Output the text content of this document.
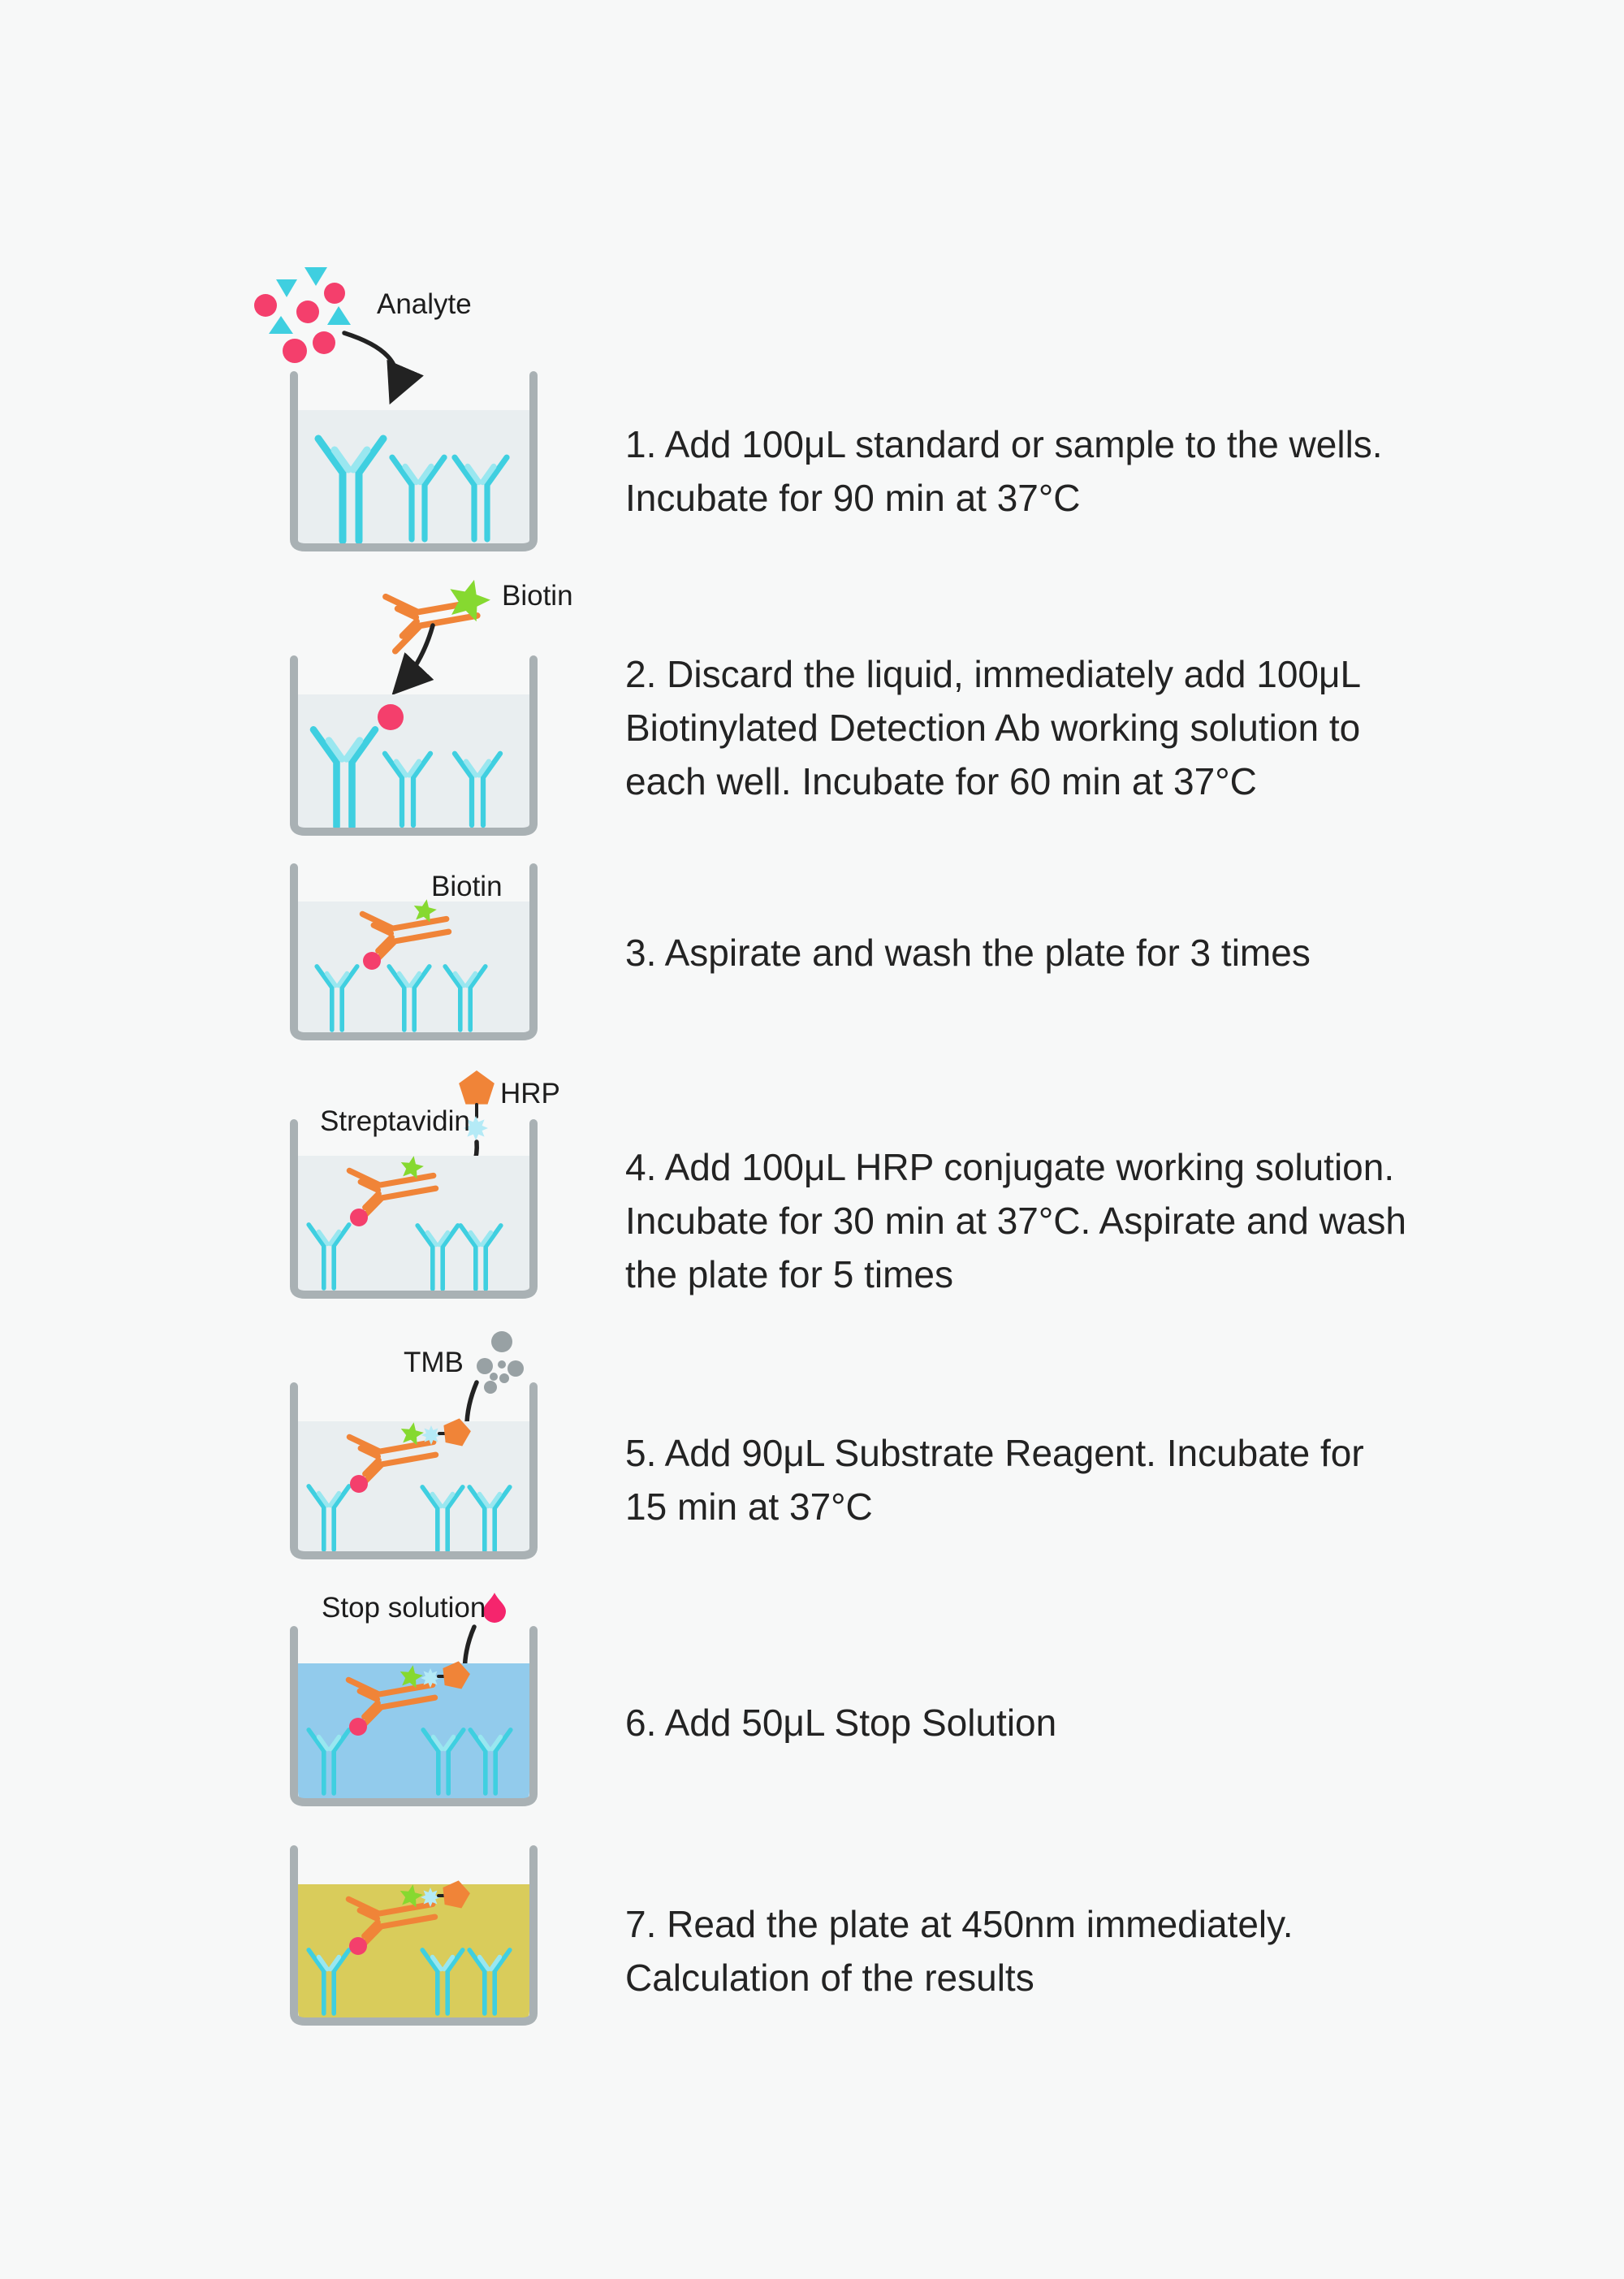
Analyte
Biotin
Biotin
HRP
Streptavidin
TMB
Stop solution
1. Add 100μL standard or sample to the wells.
Incubate for 90 min at 37°C
2. Discard the liquid, immediately add 100μL
Biotinylated Detection Ab working solution to
each well. Incubate for 60 min at 37°C
3. Aspirate and wash the plate for 3 times
4. Add 100μL HRP conjugate working solution.
Incubate for 30 min at 37°C. Aspirate and wash
the plate for 5 times
5. Add 90μL Substrate Reagent. Incubate for
15 min at 37°C
6. Add 50μL Stop Solution
7. Read the plate at 450nm immediately.
Calculation of the results
